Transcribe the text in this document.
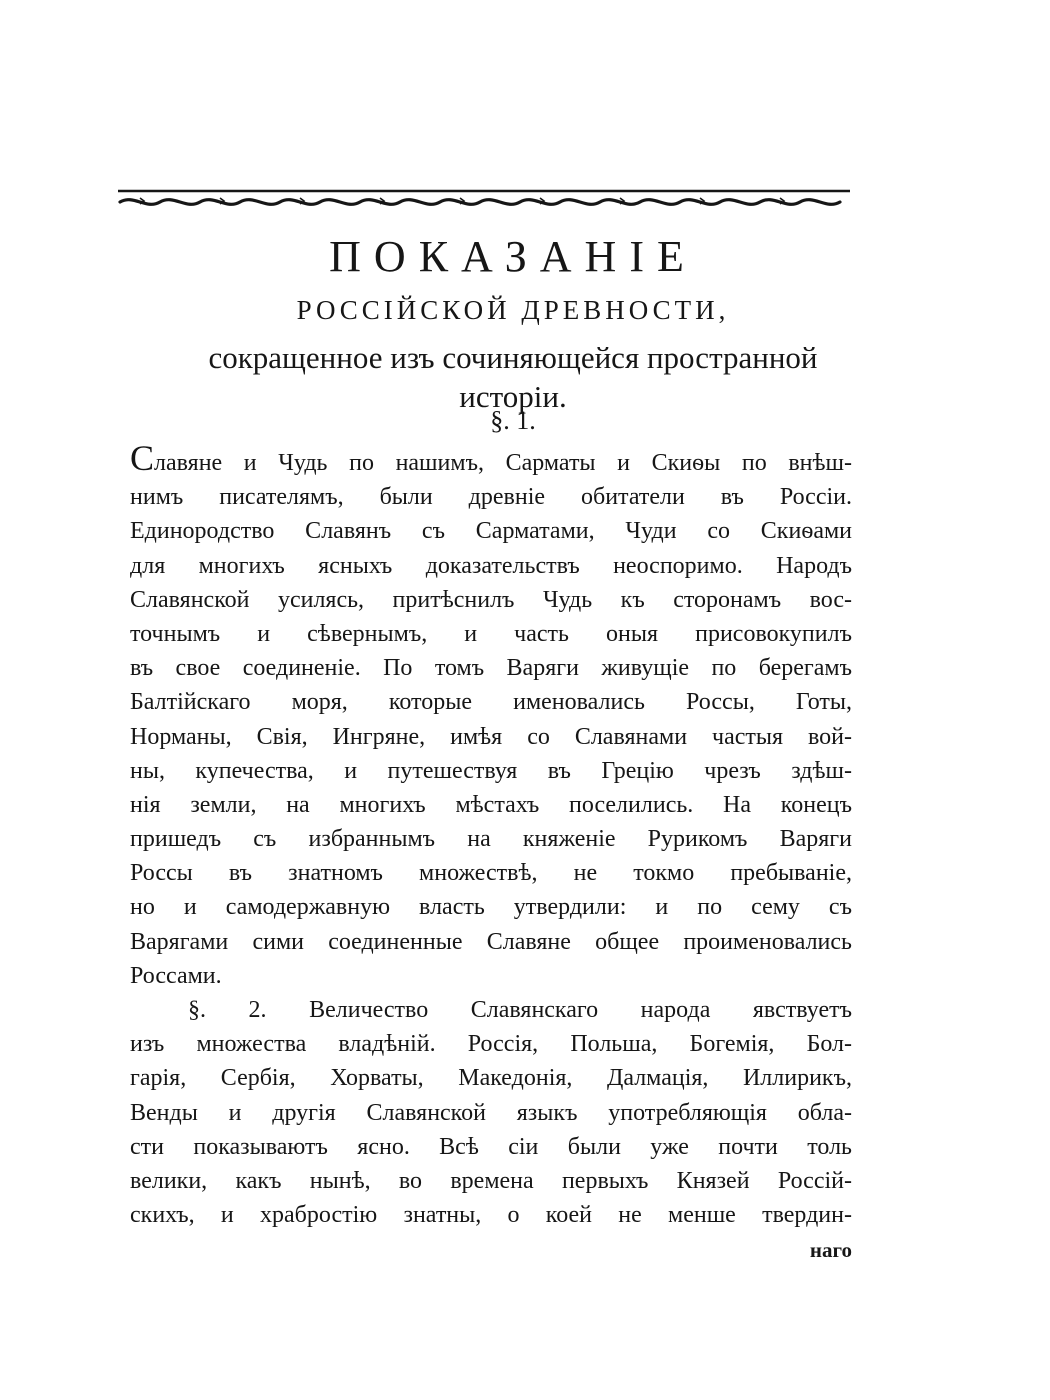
ПОКАЗАНІЕ
РОССІЙСКОЙ ДРЕВНОСТИ,
сокращенное изъ сочиняющейся пространной
исторіи.
§. 1.
Славяне и Чудь по нашимъ, Сарматы и Скиѳы по внѣш-
нимъ писателямъ, были древніе обитатели въ Россіи.
Единородство Славянъ съ Сарматами, Чуди со Скиѳами
для многихъ ясныхъ доказательствъ неоспоримо. Народъ
Славянской усилясь, притѣснилъ Чудь къ сторонамъ вос-
точнымъ и сѣвернымъ, и часть оныя присовокупилъ
въ свое соединеніе. По томъ Варяги живущіе по берегамъ
Балтійскаго моря, которые именовались Россы, Готы,
Норманы, Свія, Ингряне, имѣя со Славянами частыя вой-
ны, купечества, и путешествуя въ Грецію чрезъ здѣш-
нія земли, на многихъ мѣстахъ поселились. На конецъ
пришедъ съ избраннымъ на княженіе Рурикомъ Варяги
Россы въ знатномъ множествѣ, не токмо пребываніе,
но и самодержавную власть утвердили: и по сему съ
Варягами сими соединенные Славяне общее проименовались
Россами.
§. 2. Величество Славянскаго народа явствуетъ
изъ множества владѣній. Россія, Польша, Богемія, Бол-
гарія, Сербія, Хорваты, Македонія, Далмація, Иллирикъ,
Венды и другія Славянской языкъ употребляющія обла-
сти показываютъ ясно. Всѣ сіи были уже почти толь
велики, какъ нынѣ, во времена первыхъ Князей Россій-
скихъ, и храбростію знатны, о коей не менше твердин-
наго
